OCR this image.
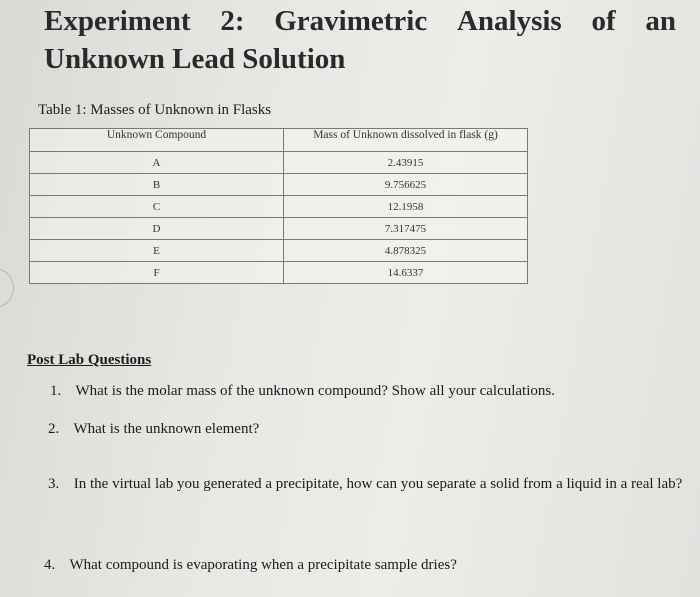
Experiment 2: Gravimetric Analysis of an
Unknown Lead Solution
Table 1: Masses of Unknown in Flasks
Unknown Compound	Mass of Unknown dissolved in flask (g)
A	2.43915
B	9.756625
C	12.1958
D	7.317475
E	4.878325
F	14.6337
Post Lab Questions
1. What is the molar mass of the unknown compound? Show all your calculations.
2. What is the unknown element?
3. In the virtual lab you generated a precipitate, how can you separate a solid from a liquid in a real lab?
4. What compound is evaporating when a precipitate sample dries?
